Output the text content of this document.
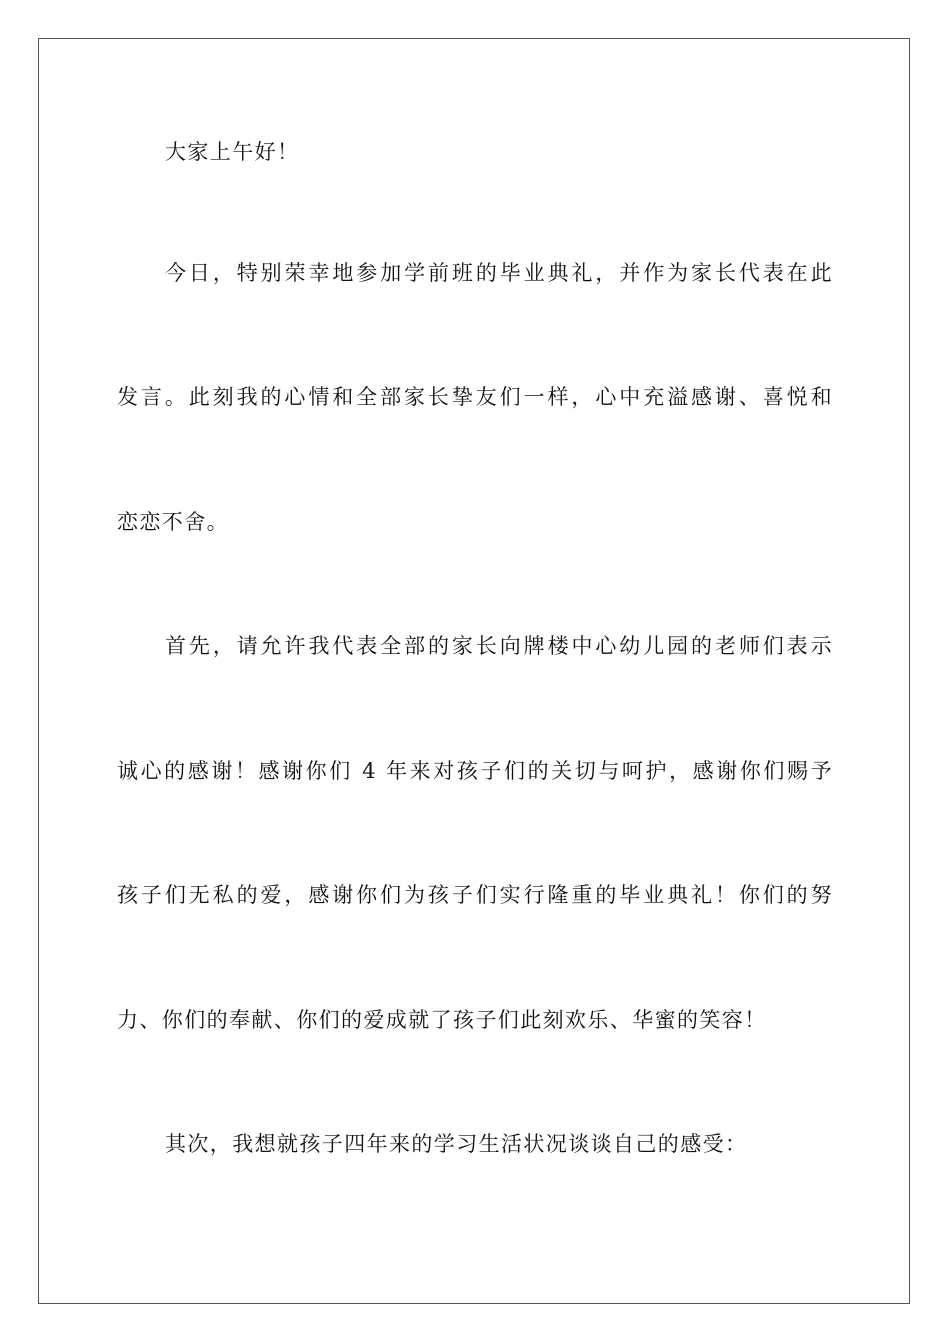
大家上午好！
今日，特别荣幸地参加学前班的毕业典礼，并作为家长代表在此
发言。此刻我的心情和全部家长挚友们一样，心中充溢感谢、喜悦和
恋恋不舍。
首先，请允许我代表全部的家长向牌楼中心幼儿园的老师们表示
诚心的感谢！感谢你们 4 年来对孩子们的关切与呵护，感谢你们赐予
孩子们无私的爱，感谢你们为孩子们实行隆重的毕业典礼！你们的努
力、你们的奉献、你们的爱成就了孩子们此刻欢乐、华蜜的笑容！
其次，我想就孩子四年来的学习生活状况谈谈自己的感受：
